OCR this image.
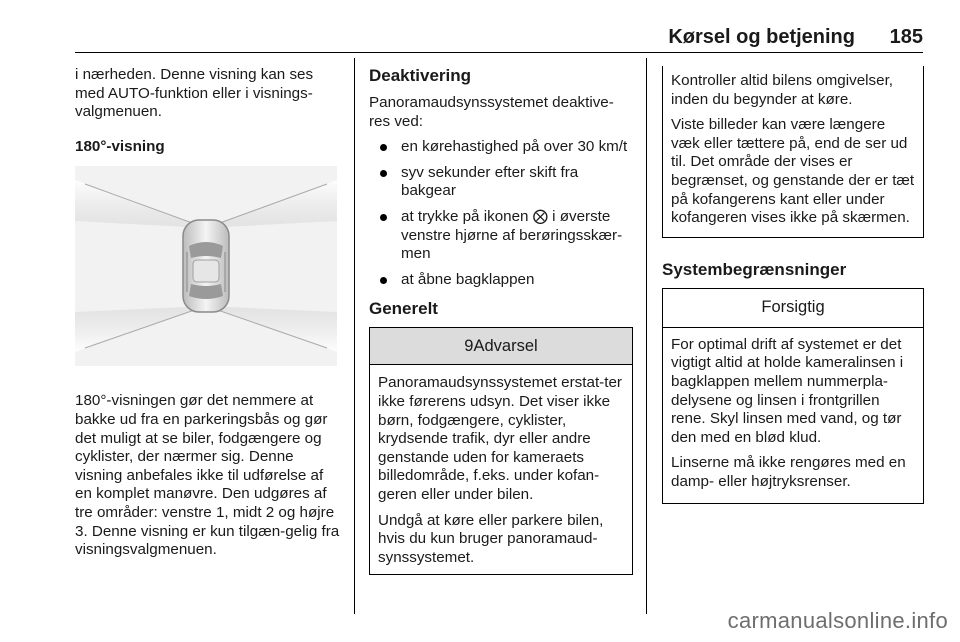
Kørsel og betjening 185

i nærheden. Denne visning kan ses med AUTO-funktion eller i visnings-valgmenuen.

180°-visning

180°-visningen gør det nemmere at bakke ud fra en parkeringsbås og gør det muligt at se biler, fodgængere og cyklister, der nærmer sig. Denne visning anbefales ikke til udførelse af en komplet manøvre. Den udgøres af tre områder: venstre 1, midt 2 og højre 3. Denne visning er kun tilgæn-gelig fra visningsvalgmenuen.

Deaktivering

Panoramaudsynssystemet deaktive-res ved:

en kørehastighed på over 30 km/t
syv sekunder efter skift fra bakgear
at trykke på ikonen ⨂ i øverste venstre hjørne af berøringsskær-men
at åbne bagklappen
Generelt
9 Advarsel

Panoramaudsynssystemet erstat-ter ikke førerens udsyn. Det viser ikke børn, fodgængere, cyklister, krydsende trafik, dyr eller andre genstande uden for kameraets billedområde, f.eks. under kofan-geren eller under bilen.

Undgå at køre eller parkere bilen, hvis du kun bruger panoramaud-synssystemet.

Kontroller altid bilens omgivelser, inden du begynder at køre.

Viste billeder kan være længere væk eller tættere på, end de ser ud til. Det område der vises er begrænset, og genstande der er tæt på kofangerens kant eller under kofangeren vises ikke på skærmen.

Systembegrænsninger
Forsigtig

For optimal drift af systemet er det vigtigt altid at holde kameralinsen i bagklappen mellem nummerpla-delysene og linsen i frontgrillen rene. Skyl linsen med vand, og tør den med en blød klud.

Linserne må ikke rengøres med en damp- eller højtryksrenser.

carmanualsonline.info
